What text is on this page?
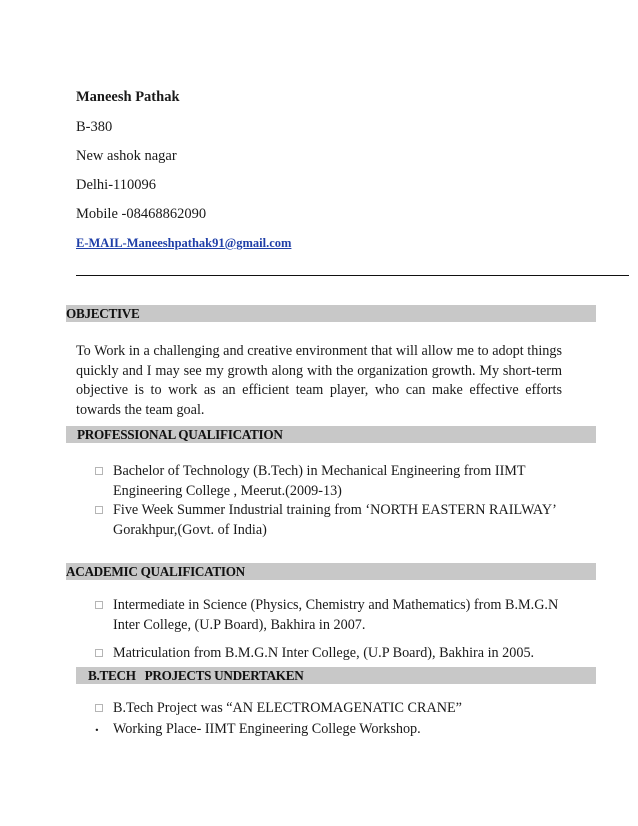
Maneesh Pathak
B-380
New ashok nagar
Delhi-110096
Mobile -08468862090
E-MAIL-Maneeshpathak91@gmail.com
OBJECTIVE
To Work in a challenging and creative environment that will allow me to adopt things quickly and I may see my growth along with the organization growth. My short-term objective is to work as an efficient team player, who can make effective efforts towards the team goal.
PROFESSIONAL QUALIFICATION
Bachelor of Technology (B.Tech) in Mechanical Engineering from IIMT Engineering College , Meerut.(2009-13)
Five Week Summer Industrial training from ‘NORTH EASTERN RAILWAY’ Gorakhpur,(Govt. of India)
ACADEMIC QUALIFICATION
Intermediate in Science (Physics, Chemistry and Mathematics) from B.M.G.N Inter College, (U.P Board), Bakhira in 2007.
Matriculation from B.M.G.N Inter College, (U.P Board), Bakhira in 2005.
B.TECH   PROJECTS UNDERTAKEN
B.Tech Project was “AN ELECTROMAGENATIC CRANE”
. Working Place- IIMT Engineering College Workshop.
